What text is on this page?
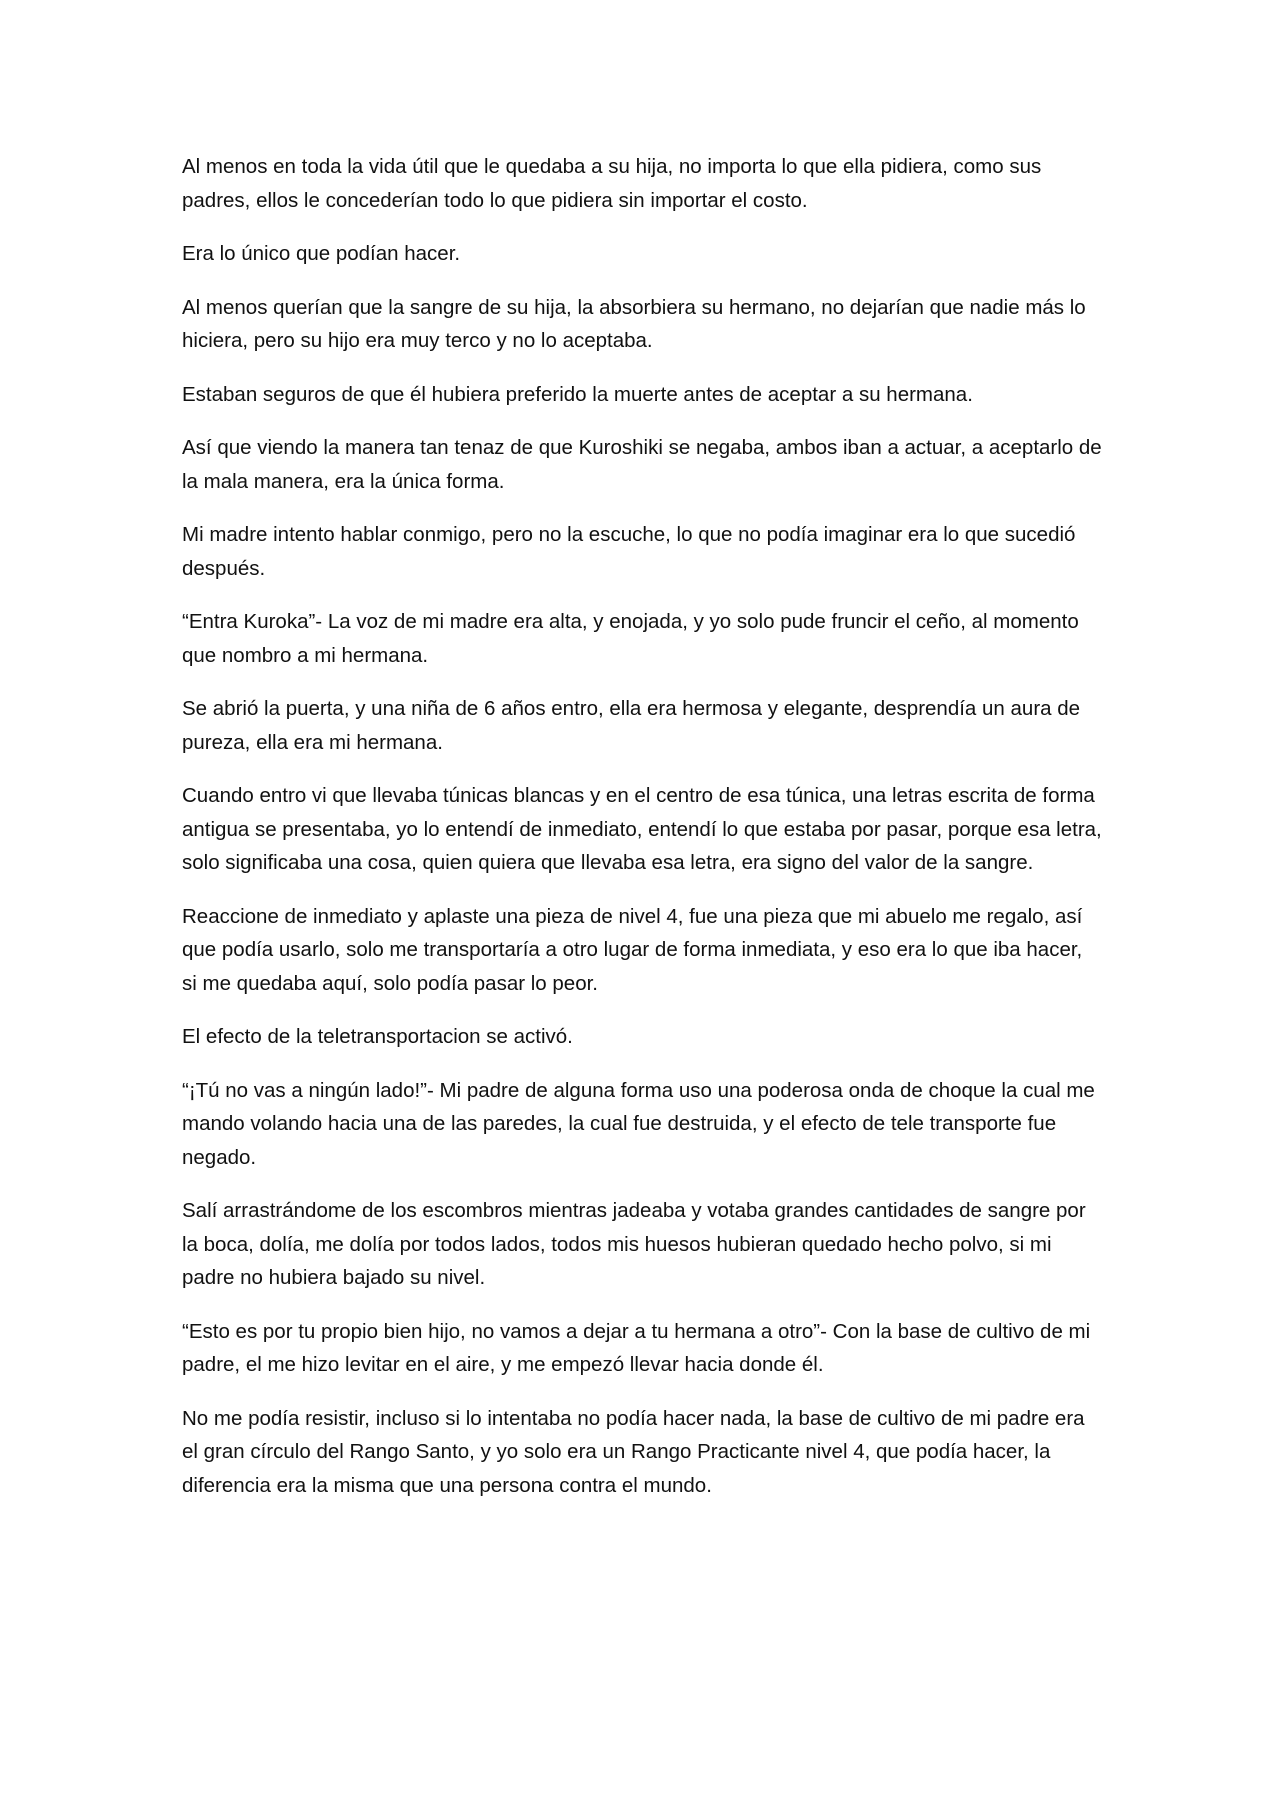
Al menos en toda la vida útil que le quedaba a su hija, no importa lo que ella pidiera, como sus padres, ellos le concederían todo lo que pidiera sin importar el costo.

Era lo único que podían hacer.

Al menos querían que la sangre de su hija, la absorbiera su hermano, no dejarían que nadie más lo hiciera, pero su hijo era muy terco y no lo aceptaba.

Estaban seguros de que él hubiera preferido la muerte antes de aceptar a su hermana.

Así que viendo la manera tan tenaz de que Kuroshiki se negaba, ambos iban a actuar, a aceptarlo de la mala manera, era la única forma.

Mi madre intento hablar conmigo, pero no la escuche, lo que no podía imaginar era lo que sucedió después.

“Entra Kuroka”- La voz de mi madre era alta, y enojada, y yo solo pude fruncir el ceño, al momento que nombro a mi hermana.

Se abrió la puerta, y una niña de 6 años entro, ella era hermosa y elegante, desprendía un aura de pureza, ella era mi hermana.

Cuando entro vi que llevaba túnicas blancas y en el centro de esa túnica, una letras escrita de forma antigua se presentaba, yo lo entendí de inmediato, entendí lo que estaba por pasar, porque esa letra, solo significaba una cosa, quien quiera que llevaba esa letra, era signo del valor de la sangre.

Reaccione de inmediato y aplaste una pieza de nivel 4, fue una pieza que mi abuelo me regalo, así que podía usarlo, solo me transportaría a otro lugar de forma inmediata, y eso era lo que iba hacer, si me quedaba aquí, solo podía pasar lo peor.

El efecto de la teletransportacion se activó.

“¡Tú no vas a ningún lado!”- Mi padre de alguna forma uso una poderosa onda de choque la cual me mando volando hacia una de las paredes, la cual fue destruida, y el efecto de tele transporte fue negado.

Salí arrastrándome de los escombros mientras jadeaba y votaba grandes cantidades de sangre por la boca, dolía, me dolía por todos lados, todos mis huesos hubieran quedado hecho polvo, si mi padre no hubiera bajado su nivel.

“Esto es por tu propio bien hijo, no vamos a dejar a tu hermana a otro”- Con la base de cultivo de mi padre, el me hizo levitar en el aire, y me empezó llevar hacia donde él.

No me podía resistir, incluso si lo intentaba no podía hacer nada, la base de cultivo de mi padre era el gran círculo del Rango Santo, y yo solo era un Rango Practicante nivel 4, que podía hacer, la diferencia era la misma que una persona contra el mundo.
